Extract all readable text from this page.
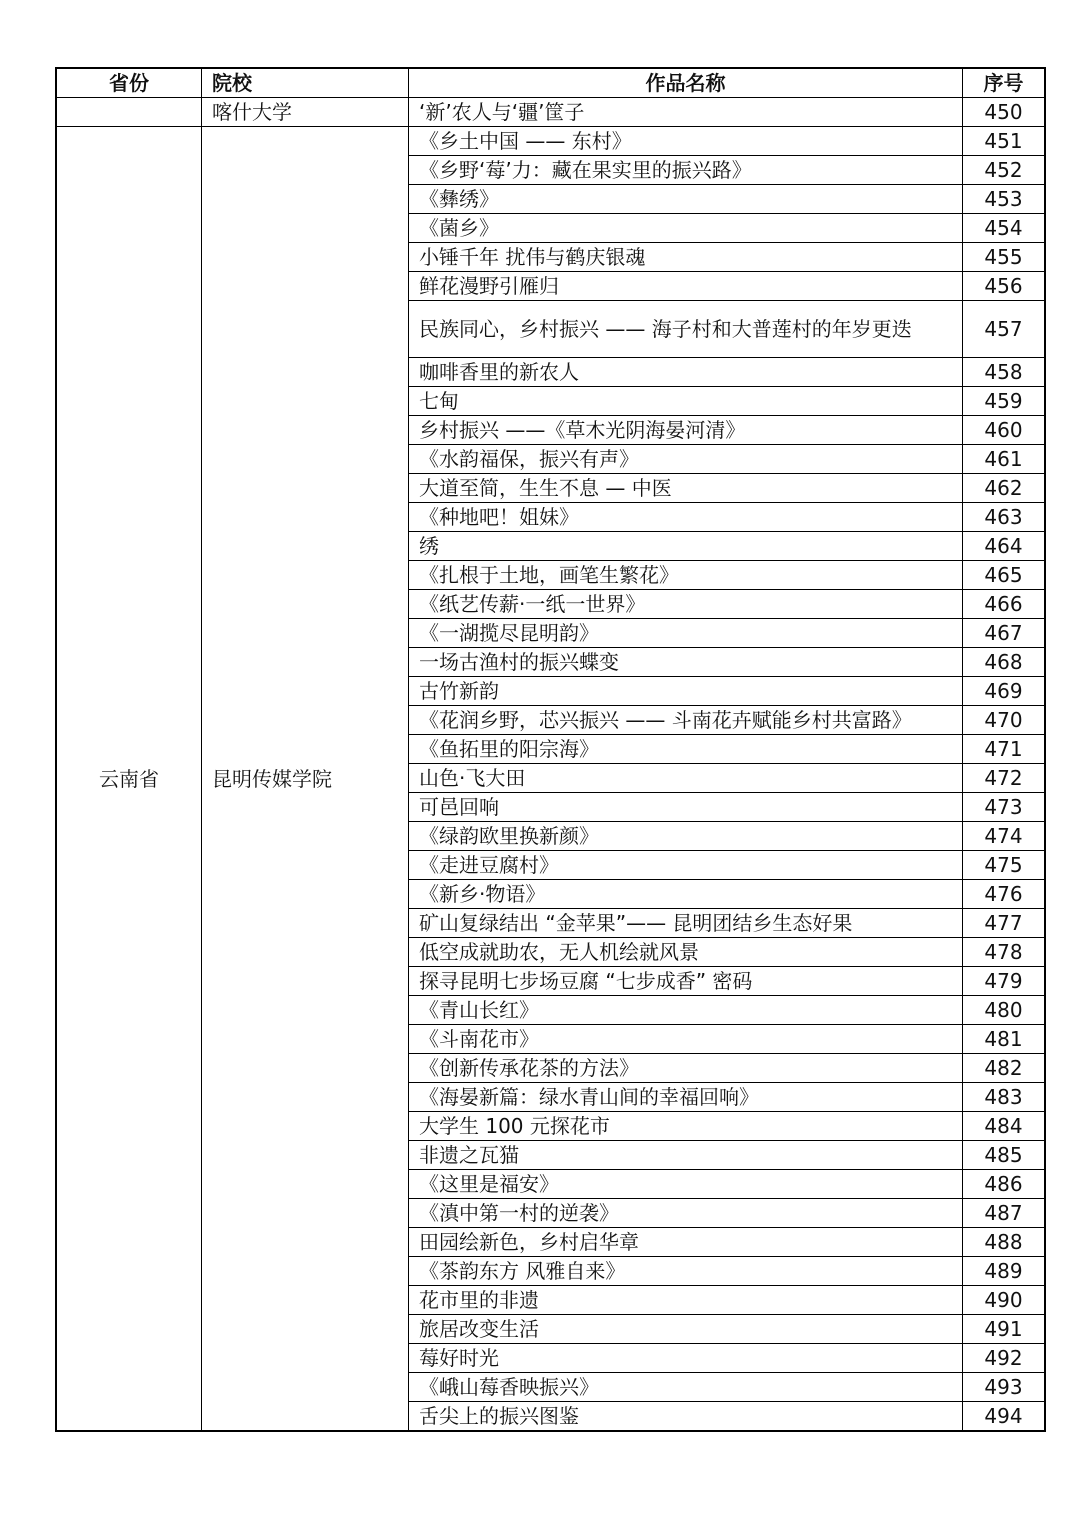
省份	院校	作品名称	序号
	喀什大学	‘新’农人与‘疆’筐子	450
云南省	昆明传媒学院	《乡土中国 —— 东村》	451
		《乡野‘莓’力：藏在果实里的振兴路》	452
		《彝绣》	453
		《菌乡》	454
		小锤千年 扰伟与鹤庆银魂	455
		鲜花漫野引雁归	456
		民族同心，乡村振兴 —— 海子村和大普莲村的年岁更迭	457
		咖啡香里的新农人	458
		七甸	459
		乡村振兴 ——《草木光阴海晏河清》	460
		《水韵福保，振兴有声》	461
		大道至简，生生不息 — 中医	462
		《种地吧！姐妹》	463
		绣	464
		《扎根于土地，画笔生繁花》	465
		《纸艺传薪·一纸一世界》	466
		《一湖揽尽昆明韵》	467
		一场古渔村的振兴蝶变	468
		古竹新韵	469
		《花润乡野，芯兴振兴 —— 斗南花卉赋能乡村共富路》	470
		《鱼拓里的阳宗海》	471
		山色·飞大田	472
		可邑回响	473
		《绿韵欧里换新颜》	474
		《走进豆腐村》	475
		《新乡·物语》	476
		矿山复绿结出 “金苹果”—— 昆明团结乡生态好果	477
		低空成就助农，无人机绘就风景	478
		探寻昆明七步场豆腐 “七步成香” 密码	479
		《青山长红》	480
		《斗南花市》	481
		《创新传承花茶的方法》	482
		《海晏新篇：绿水青山间的幸福回响》	483
		大学生 100 元探花市	484
		非遗之瓦猫	485
		《这里是福安》	486
		《滇中第一村的逆袭》	487
		田园绘新色，乡村启华章	488
		《茶韵东方 风雅自来》	489
		花市里的非遗	490
		旅居改变生活	491
		莓好时光	492
		《峨山莓香映振兴》	493
		舌尖上的振兴图鉴	494
